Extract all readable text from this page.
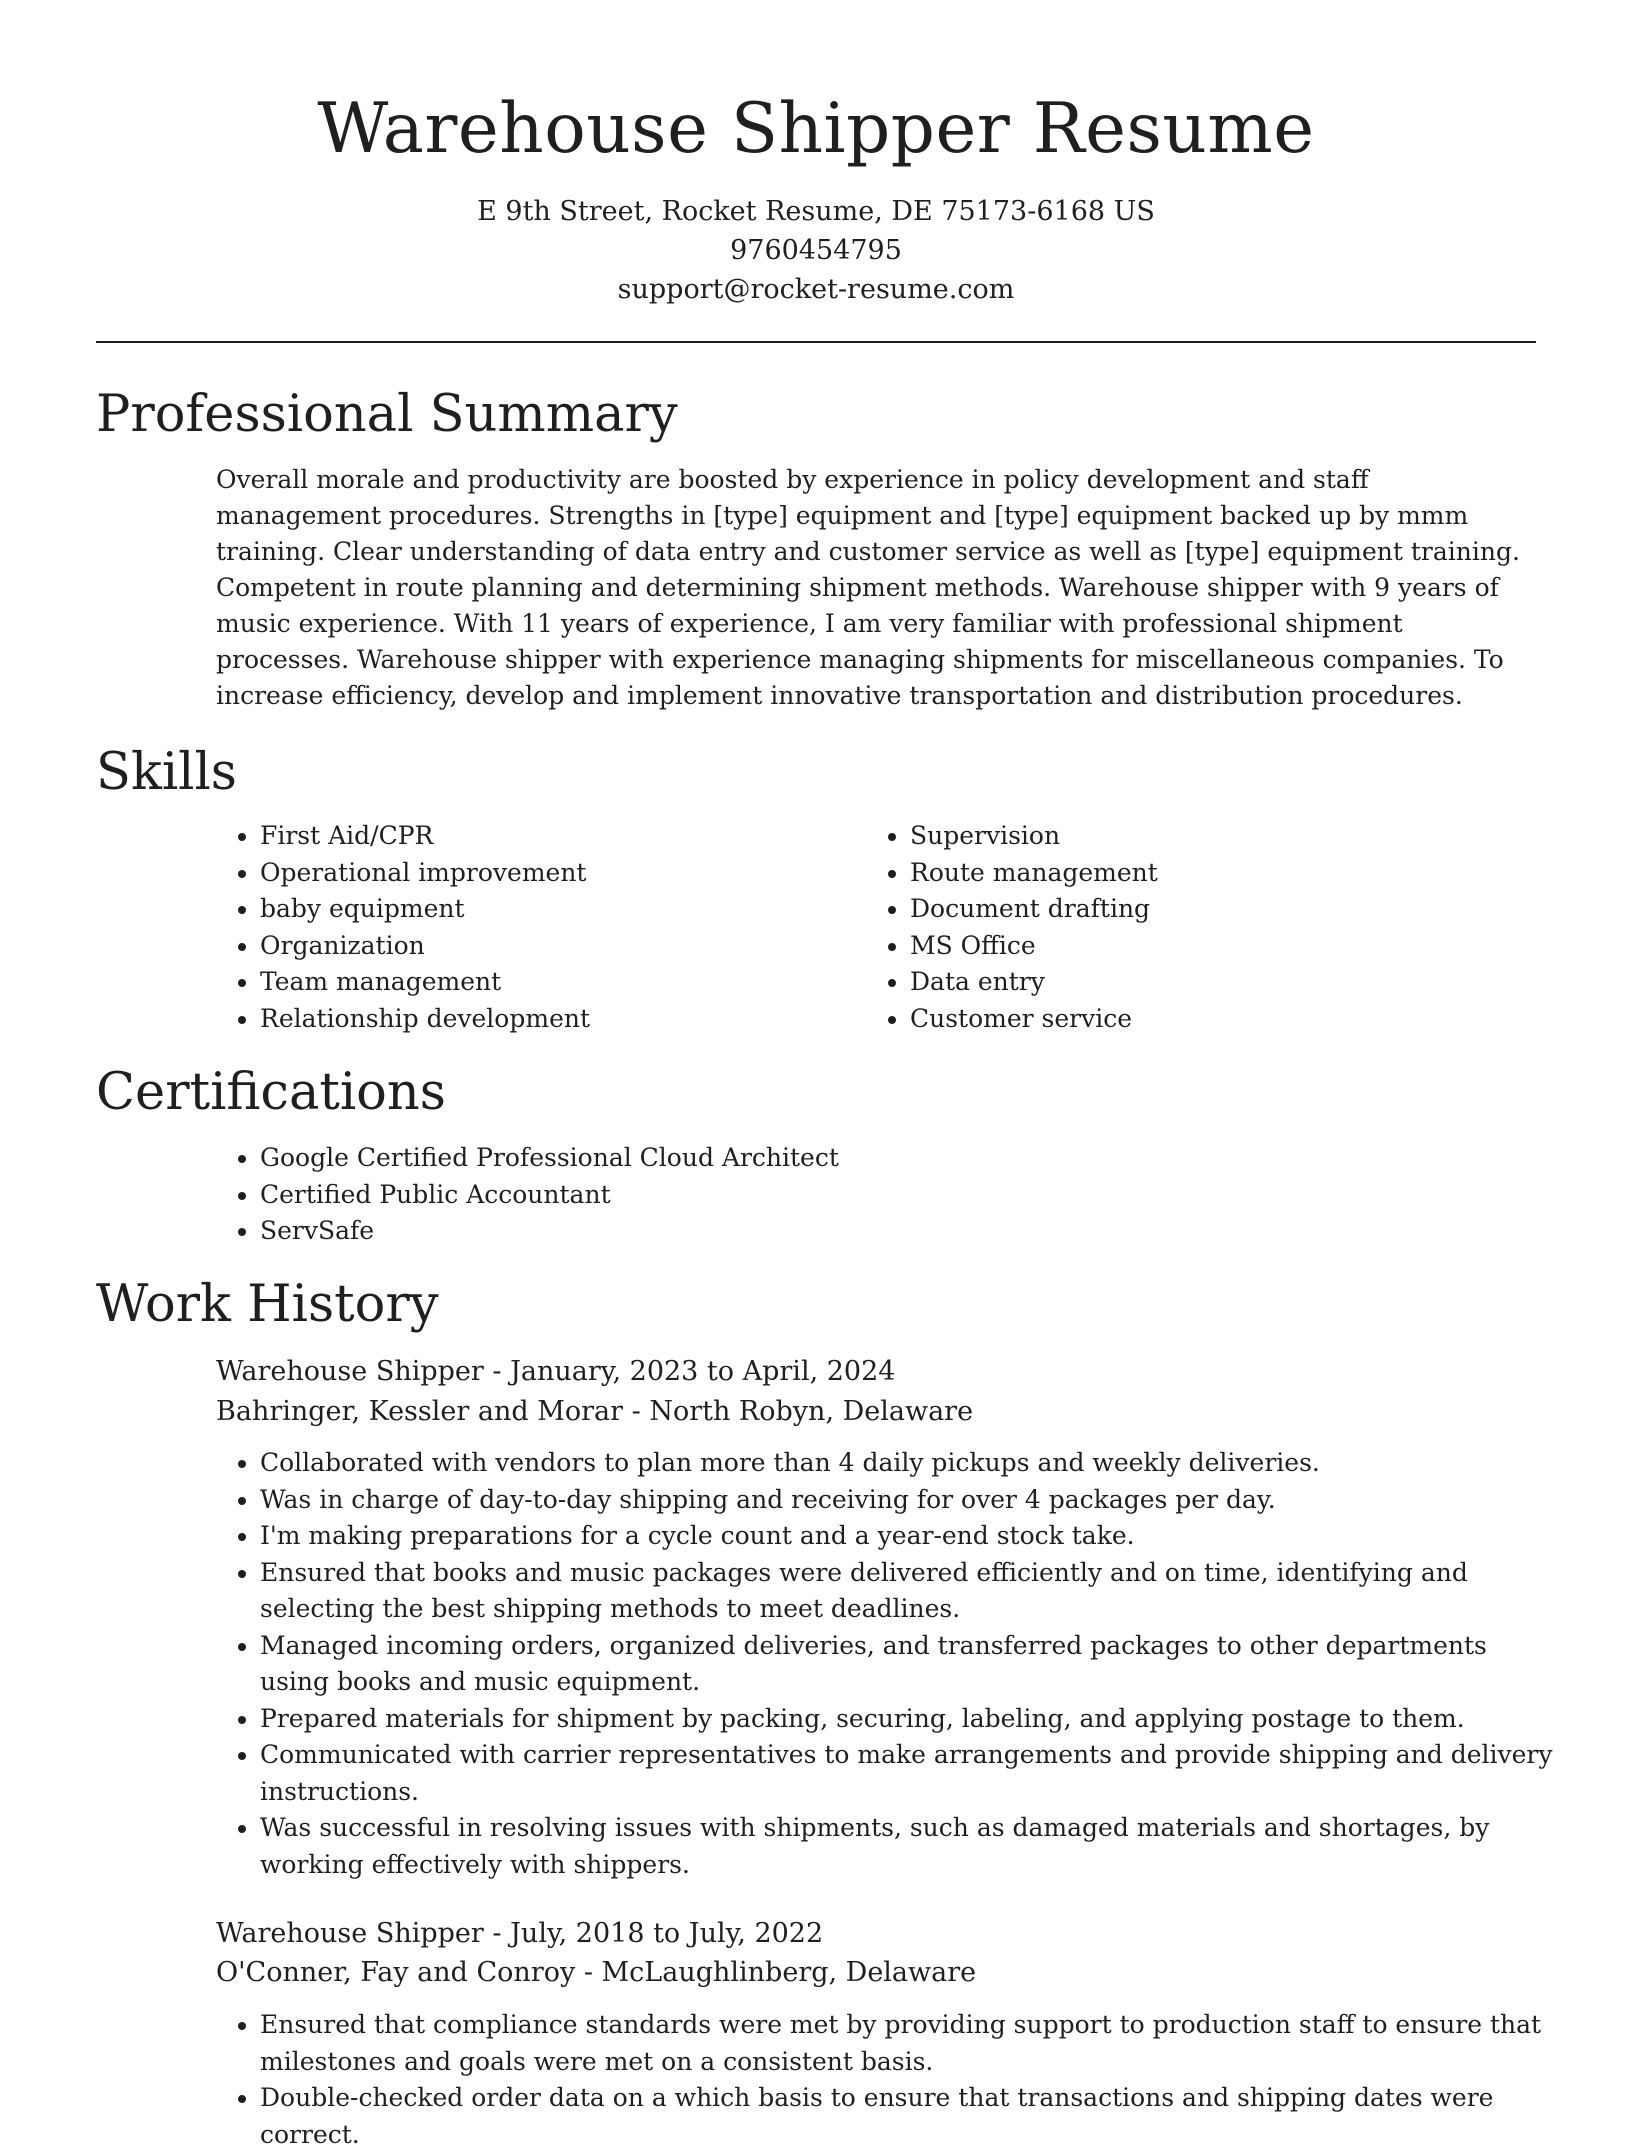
Warehouse Shipper Resume
E 9th Street, Rocket Resume, DE 75173-6168 US
9760454795
support@rocket-resume.com
Professional Summary

Overall morale and productivity are boosted by experience in policy development and staff management procedures. Strengths in [type] equipment and [type] equipment backed up by mmm training. Clear understanding of data entry and customer service as well as [type] equipment training. Competent in route planning and determining shipment methods. Warehouse shipper with 9 years of music experience. With 11 years of experience, I am very familiar with professional shipment processes. Warehouse shipper with experience managing shipments for miscellaneous companies. To increase efficiency, develop and implement innovative transportation and distribution procedures.

Skills
• First Aid/CPR
• Operational improvement
• baby equipment
• Organization
• Team management
• Relationship development
• Supervision
• Route management
• Document drafting
• MS Office
• Data entry
• Customer service
Certifications
• Google Certified Professional Cloud Architect
• Certified Public Accountant
• ServSafe
Work History
Warehouse Shipper - January, 2023 to April, 2024
Bahringer, Kessler and Morar - North Robyn, Delaware
• Collaborated with vendors to plan more than 4 daily pickups and weekly deliveries.
• Was in charge of day-to-day shipping and receiving for over 4 packages per day.
• I'm making preparations for a cycle count and a year-end stock take.
• Ensured that books and music packages were delivered efficiently and on time, identifying and selecting the best shipping methods to meet deadlines.
• Managed incoming orders, organized deliveries, and transferred packages to other departments using books and music equipment.
• Prepared materials for shipment by packing, securing, labeling, and applying postage to them.
• Communicated with carrier representatives to make arrangements and provide shipping and delivery instructions.
• Was successful in resolving issues with shipments, such as damaged materials and shortages, by working effectively with shippers.
Warehouse Shipper - July, 2018 to July, 2022
O'Conner, Fay and Conroy - McLaughlinberg, Delaware
• Ensured that compliance standards were met by providing support to production staff to ensure that milestones and goals were met on a consistent basis.
• Double-checked order data on a which basis to ensure that transactions and shipping dates were correct.
